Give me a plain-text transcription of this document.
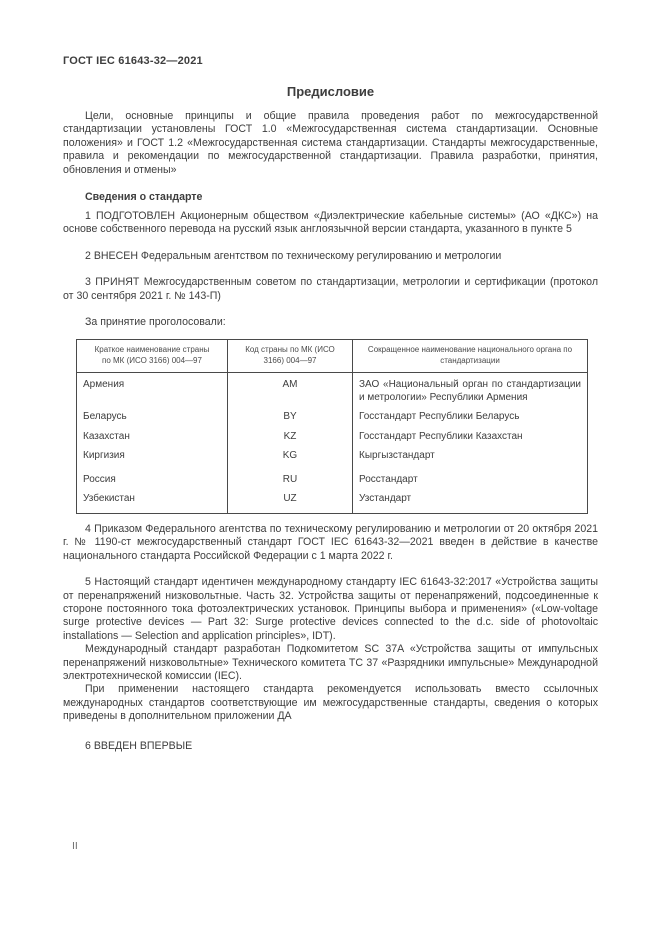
ГОСТ IEC 61643-32—2021
Предисловие

Цели, основные принципы и общие правила проведения работ по межгосударственной стандартизации установлены ГОСТ 1.0 «Межгосударственная система стандартизации. Основные положения» и ГОСТ 1.2 «Межгосударственная система стандартизации. Стандарты межгосударственные, правила и рекомендации по межгосударственной стандартизации. Правила разработки, принятия, обновления и отмены»

Сведения о стандарте

1 ПОДГОТОВЛЕН Акционерным обществом «Диэлектрические кабельные системы» (АО «ДКС») на основе собственного перевода на русский язык англоязычной версии стандарта, указанного в пункте 5

2 ВНЕСЕН Федеральным агентством по техническому регулированию и метрологии

3 ПРИНЯТ Межгосударственным советом по стандартизации, метрологии и сертификации (протокол от 30 сентября 2021 г. № 143-П)

За принятие проголосовали:

Краткое наименование страны по МК (ИСО 3166) 004—97	Код страны по МК (ИСО 3166) 004—97	Сокращенное наименование национального органа по стандартизации
Армения	AM	ЗАО «Национальный орган по стандартизации и метрологии» Республики Армения
Беларусь	BY	Госстандарт Республики Беларусь
Казахстан	KZ	Госстандарт Республики Казахстан
Киргизия	KG	Кыргызстандарт
Россия	RU	Росстандарт
Узбекистан	UZ	Узстандарт

4 Приказом Федерального агентства по техническому регулированию и метрологии от 20 октября 2021 г. № 1190-ст межгосударственный стандарт ГОСТ IEC 61643-32—2021 введен в действие в качестве национального стандарта Российской Федерации с 1 марта 2022 г.

5 Настоящий стандарт идентичен международному стандарту IEC 61643-32:2017 «Устройства защиты от перенапряжений низковольтные. Часть 32. Устройства защиты от перенапряжений, подсоединенные к стороне постоянного тока фотоэлектрических установок. Принципы выбора и применения» («Low-voltage surge protective devices — Part 32: Surge protective devices connected to the d.c. side of photovoltaic installations — Selection and application principles», IDT).

Международный стандарт разработан Подкомитетом SC 37A «Устройства защиты от импульсных перенапряжений низковольтные» Технического комитета ТС 37 «Разрядники импульсные» Международной электротехнической комиссии (IEC).

При применении настоящего стандарта рекомендуется использовать вместо ссылочных международных стандартов соответствующие им межгосударственные стандарты, сведения о которых приведены в дополнительном приложении ДА

6 ВВЕДЕН ВПЕРВЫЕ

II
